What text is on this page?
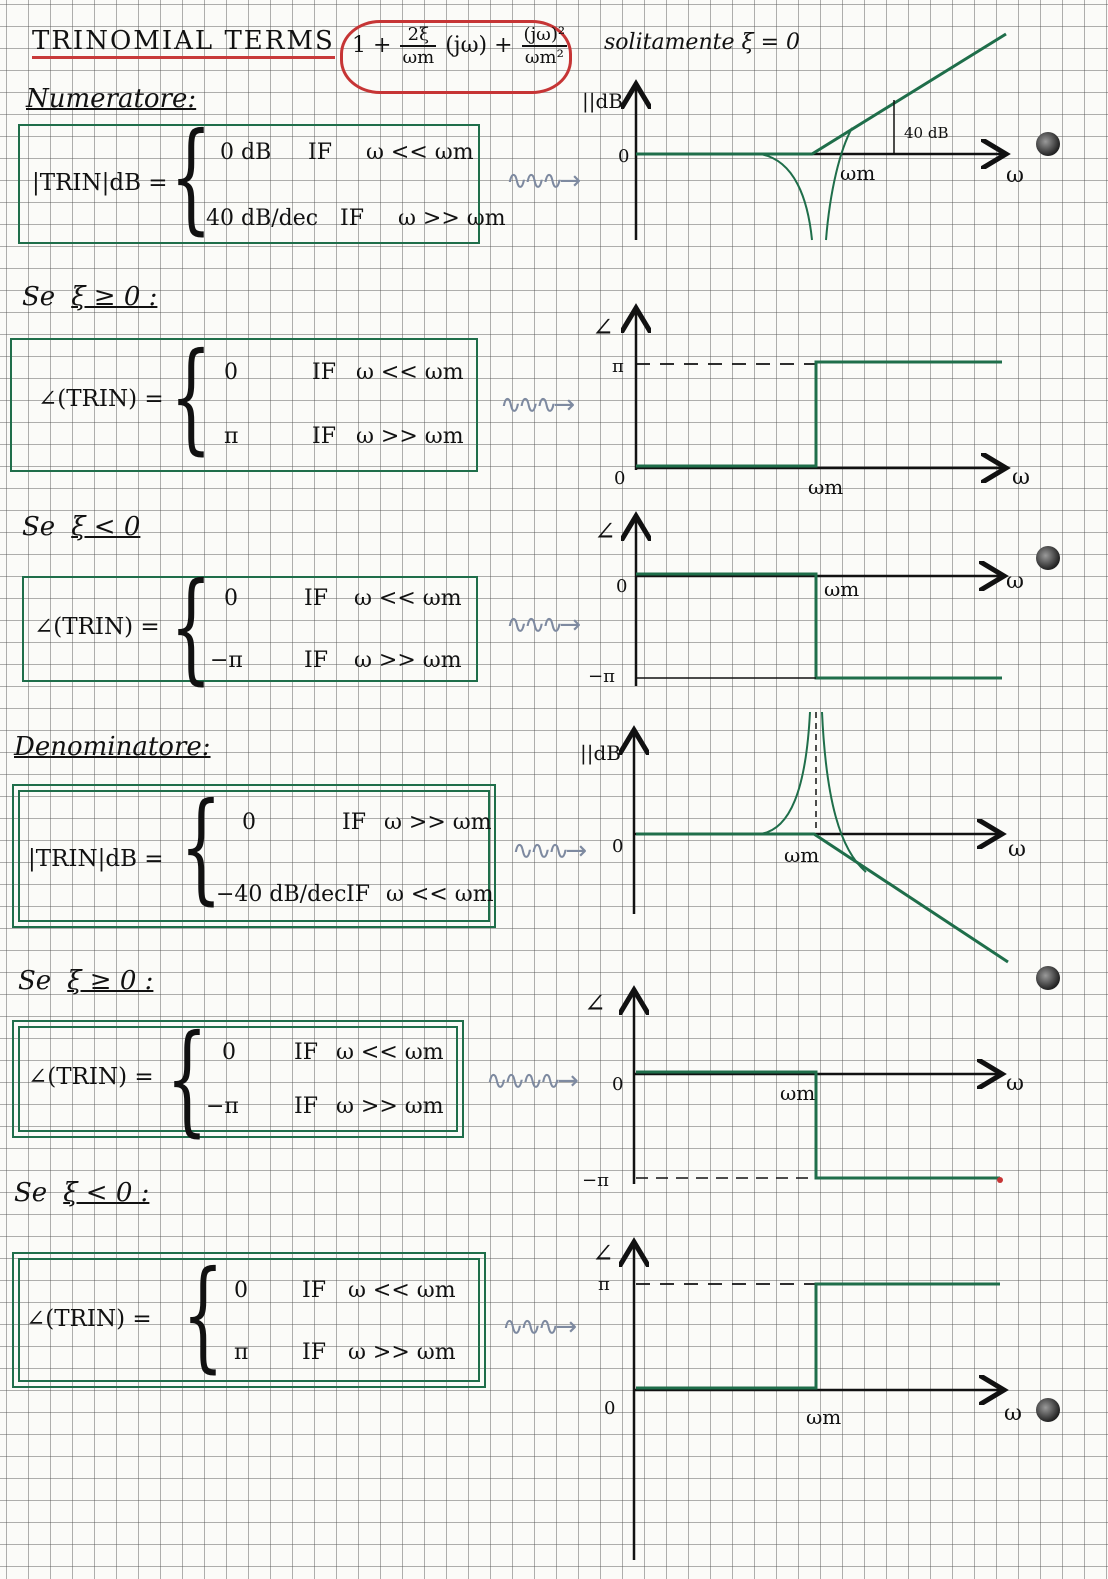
TRINOMIAL TERMS $1 + \frac{2\xi}{\omega m} (j\omega) + \frac{\text{(jω)²}}{\text{ωm²}}$ solitamente ξ = 0
Numeratore:
|TRIN|dB = { 0 dB IF ω << ωm
40 dB/dec IF ω >> ωm
∿∿∿→
Se ξ ≥ 0 :
∠(TRIN) = { 0	IF ω << ωm
π	IF ω >> ωm
∿∿∿→
Se ξ < 0
∠(TRIN) = { 0	IF ω << ωm
−π	IF ω >> ωm
∿∿∿→
Denominatore:
|TRIN|dB = { 0	IF ω >> ωm
−40 dB/decIF ω << ωm
∿∿∿→
Se ξ ≥ 0 :
∠(TRIN) = { 0	IF ω << ωm
−π	IF ω >> ωm
∿∿∿∿→
Se ξ < 0 :
∠(TRIN) = { 0 IF ω << ωm
π IF ω >> ωm
∿∿∿→
||dB
0
ω
ωm
40 dB
∠
π
0	ω
ωm
∠
0
−π
ω
ωm
||dB
0	ω
ωm
∠
0
−π
ω
ωm
∠
π
0	ω
ωm
